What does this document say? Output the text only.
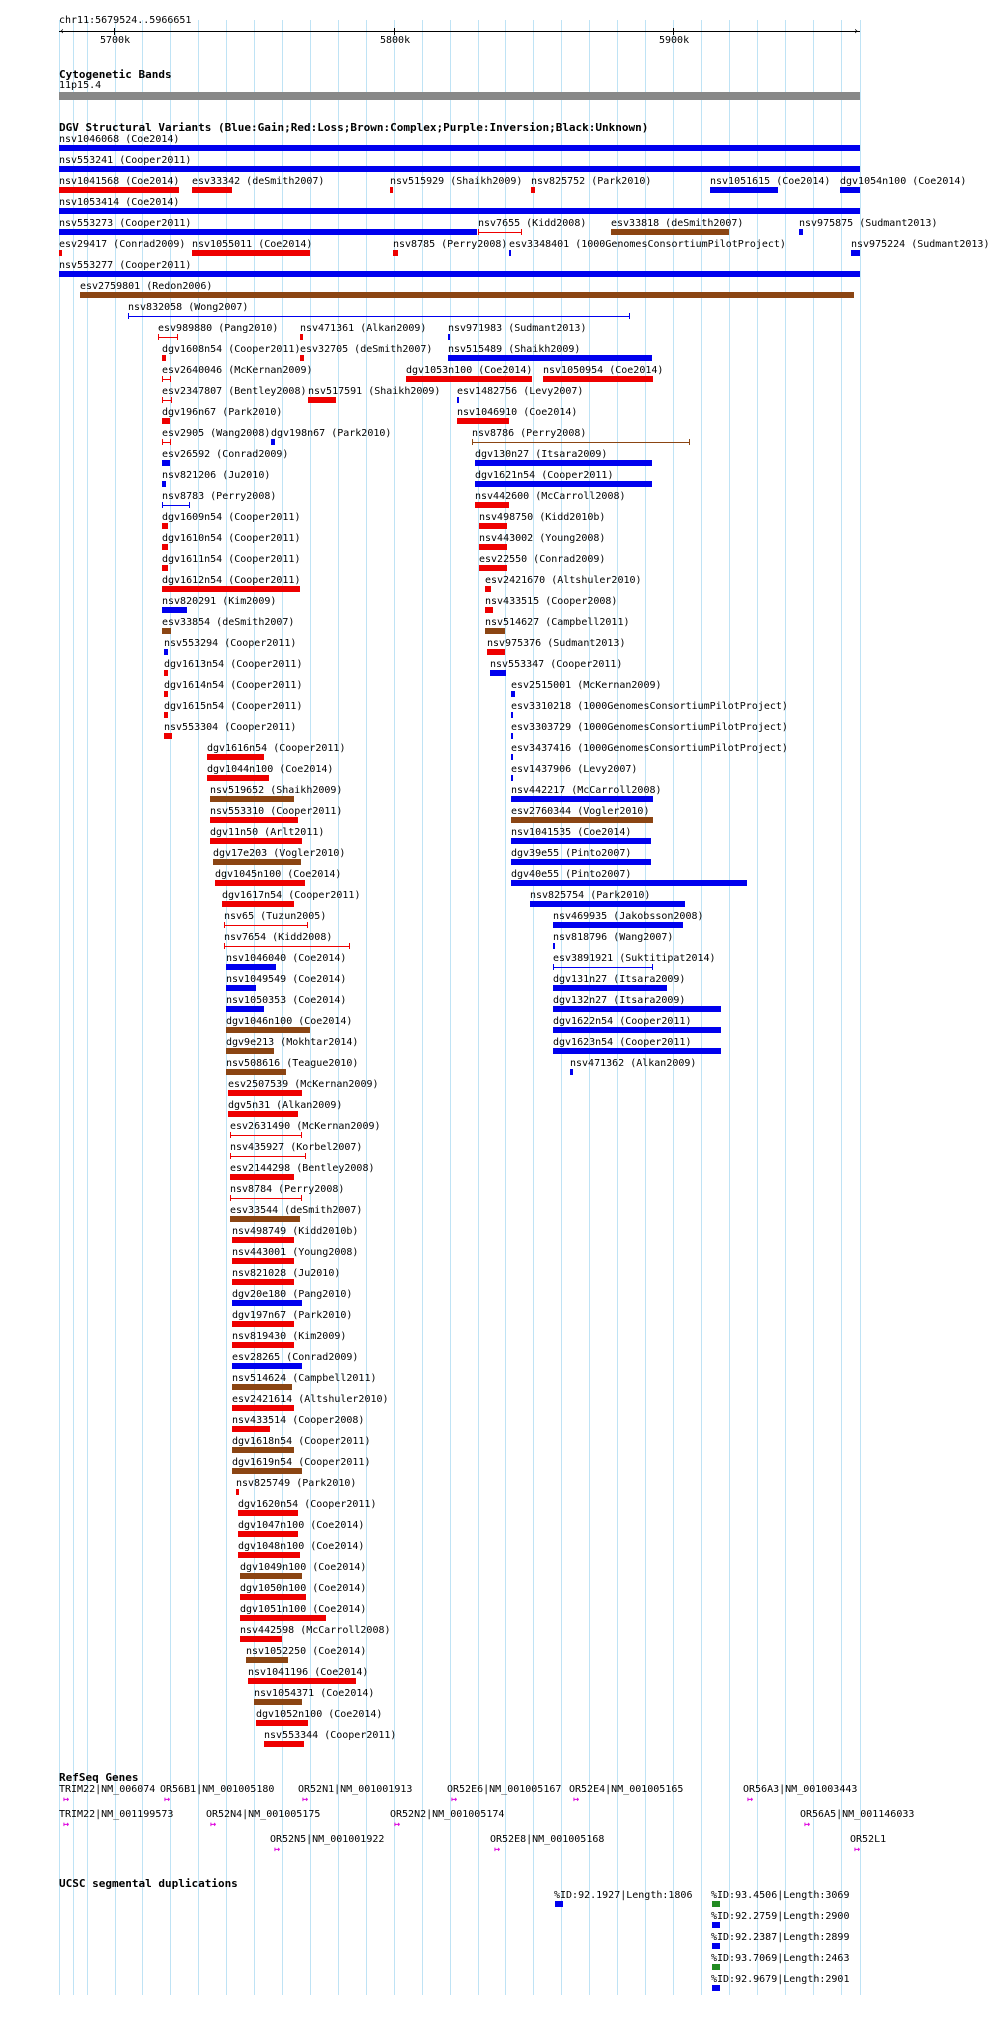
chr11:5679524..5966651
‹	›
5700k	5800k	5900k
Cytogenetic Bands
11p15.4
DGV Structural Variants (Blue:Gain;Red:Loss;Brown:Complex;Purple:Inversion;Black:Unknown)
nsv1046068 (Coe2014)
nsv553241 (Cooper2011)
nsv1041568 (Coe2014) esv33342 (deSmith2007)	nsv515929 (Shaikh2009) nsv825752 (Park2010)	nsv1051615 (Coe2014) dgv1054n100 (Coe2014)
nsv1053414 (Coe2014)
nsv553273 (Cooper2011)	nsv7655 (Kidd2008) esv33818 (deSmith2007)	nsv975875 (Sudmant2013)
esv29417 (Conrad2009) nsv1055011 (Coe2014)	nsv8785 (Perry2008) esv3348401 (1000GenomesConsortiumPilotProject)	nsv975224 (Sudmant2013)
nsv553277 (Cooper2011)
esv2759801 (Redon2006)
nsv832058 (Wong2007)
esv989880 (Pang2010) nsv471361 (Alkan2009) nsv971983 (Sudmant2013)
dgv1608n54 (Cooper2011) esv32705 (deSmith2007) nsv515489 (Shaikh2009)
esv2640046 (McKernan2009)	dgv1053n100 (Coe2014) nsv1050954 (Coe2014)
esv2347807 (Bentley2008) nsv517591 (Shaikh2009) esv1482756 (Levy2007)
dgv196n67 (Park2010)	nsv1046910 (Coe2014)
esv2905 (Wang2008) dgv198n67 (Park2010)	nsv8786 (Perry2008)
esv26592 (Conrad2009)	dgv130n27 (Itsara2009)
nsv821206 (Ju2010)	dgv1621n54 (Cooper2011)
nsv8783 (Perry2008)	nsv442600 (McCarroll2008)
dgv1609n54 (Cooper2011)	nsv498750 (Kidd2010b)
dgv1610n54 (Cooper2011)	nsv443002 (Young2008)
dgv1611n54 (Cooper2011)	esv22550 (Conrad2009)
dgv1612n54 (Cooper2011)	esv2421670 (Altshuler2010)
nsv820291 (Kim2009)	nsv433515 (Cooper2008)
esv33854 (deSmith2007)	nsv514627 (Campbell2011)
nsv553294 (Cooper2011)	nsv975376 (Sudmant2013)
dgv1613n54 (Cooper2011)	nsv553347 (Cooper2011)
dgv1614n54 (Cooper2011)	esv2515001 (McKernan2009)
dgv1615n54 (Cooper2011)	esv3310218 (1000GenomesConsortiumPilotProject)
nsv553304 (Cooper2011)	esv3303729 (1000GenomesConsortiumPilotProject)
dgv1616n54 (Cooper2011)	esv3437416 (1000GenomesConsortiumPilotProject)
dgv1044n100 (Coe2014)	esv1437906 (Levy2007)
nsv519652 (Shaikh2009)	nsv442217 (McCarroll2008)
nsv553310 (Cooper2011)	esv2760344 (Vogler2010)
dgv11n50 (Arlt2011)	nsv1041535 (Coe2014)
dgv17e203 (Vogler2010)	dgv39e55 (Pinto2007)
dgv1045n100 (Coe2014)	dgv40e55 (Pinto2007)
dgv1617n54 (Cooper2011)	nsv825754 (Park2010)
nsv65 (Tuzun2005)	nsv469935 (Jakobsson2008)
nsv7654 (Kidd2008)	nsv818796 (Wang2007)
nsv1046040 (Coe2014)	esv3891921 (Suktitipat2014)
nsv1049549 (Coe2014)	dgv131n27 (Itsara2009)
nsv1050353 (Coe2014)	dgv132n27 (Itsara2009)
dgv1046n100 (Coe2014)	dgv1622n54 (Cooper2011)
dgv9e213 (Mokhtar2014)	dgv1623n54 (Cooper2011)
nsv508616 (Teague2010)	nsv471362 (Alkan2009)
esv2507539 (McKernan2009)
dgv5n31 (Alkan2009)
esv2631490 (McKernan2009)
nsv435927 (Korbel2007)
esv2144298 (Bentley2008)
nsv8784 (Perry2008)
esv33544 (deSmith2007)
nsv498749 (Kidd2010b)
nsv443001 (Young2008)
nsv821028 (Ju2010)
dgv20e180 (Pang2010)
dgv197n67 (Park2010)
nsv819430 (Kim2009)
esv28265 (Conrad2009)
nsv514624 (Campbell2011)
esv2421614 (Altshuler2010)
nsv433514 (Cooper2008)
dgv1618n54 (Cooper2011)
dgv1619n54 (Cooper2011)
nsv825749 (Park2010)
dgv1620n54 (Cooper2011)
dgv1047n100 (Coe2014)
dgv1048n100 (Coe2014)
dgv1049n100 (Coe2014)
dgv1050n100 (Coe2014)
dgv1051n100 (Coe2014)
nsv442598 (McCarroll2008)
nsv1052250 (Coe2014)
nsv1041196 (Coe2014)
nsv1054371 (Coe2014)
dgv1052n100 (Coe2014)
nsv553344 (Cooper2011)
RefSeq Genes
TRIM22|NM_006074
↦
OR56B1|NM_001005180
↦
OR52N1|NM_001001913
↦
OR52E6|NM_001005167
↦
OR52E4|NM_001005165
↦
OR56A3|NM_001003443
↦
TRIM22|NM_001199573
↦
OR52N4|NM_001005175
↦
OR52N2|NM_001005174
↦
OR56A5|NM_001146033
↦
OR52N5|NM_001001922
↦
OR52E8|NM_001005168
↦
OR52L1
↦
UCSC segmental duplications
%ID:92.1927|Length:1806 %ID:93.4506|Length:3069
%ID:92.2759|Length:2900
%ID:92.2387|Length:2899
%ID:93.7069|Length:2463
%ID:92.9679|Length:2901
